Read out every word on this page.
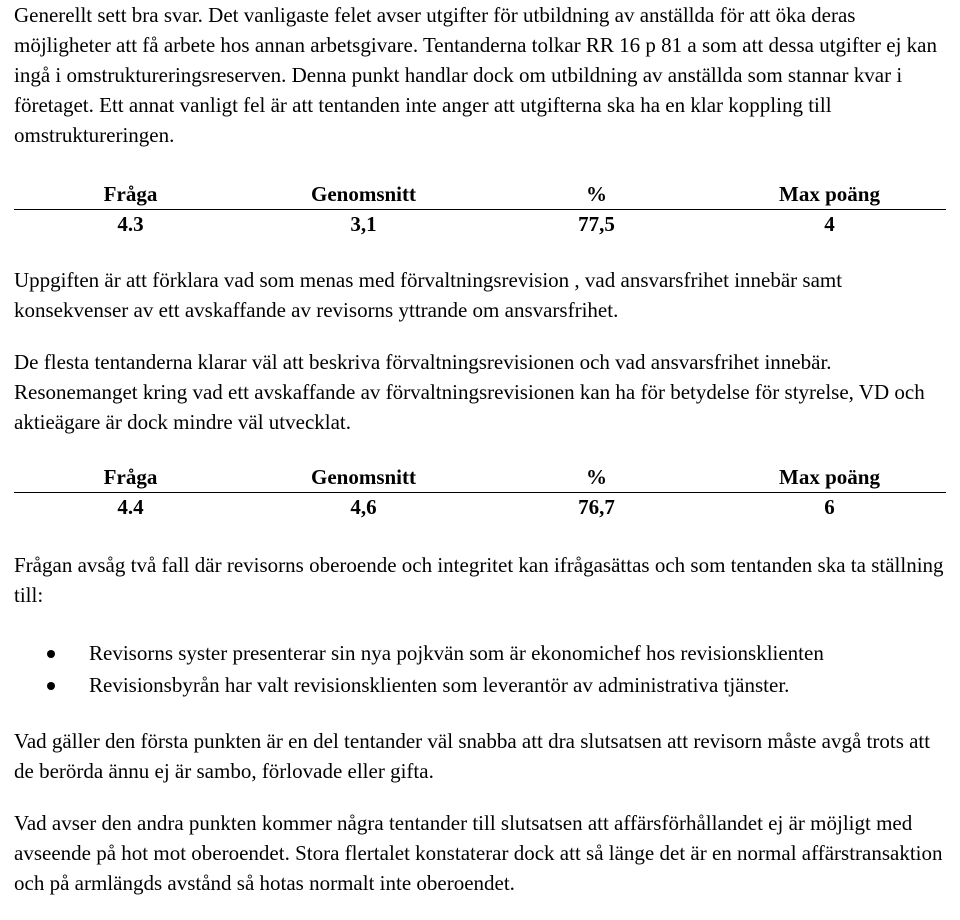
Generellt sett bra svar. Det vanligaste felet avser utgifter för utbildning av anställda för att öka deras möjligheter att få arbete hos annan arbetsgivare. Tentanderna tolkar RR 16 p 81 a som att dessa utgifter ej kan ingå i omstruktureringsreserven. Denna punkt handlar dock om utbildning av anställda som stannar kvar i företaget. Ett annat vanligt fel är att tentanden inte anger att utgifterna ska ha en klar koppling till omstruktureringen.

Fråga	Genomsnitt	%	Max poäng
4.3	3,1	77,5	4

Uppgiften är att förklara vad som menas med förvaltningsrevision , vad ansvarsfrihet innebär samt konsekvenser av ett avskaffande av revisorns yttrande om ansvarsfrihet.

De flesta tentanderna klarar väl att beskriva förvaltningsrevisionen och vad ansvarsfrihet innebär. Resonemanget kring vad ett avskaffande av förvaltningsrevisionen kan ha för betydelse för styrelse, VD och aktieägare är dock mindre väl utvecklat.

Fråga	Genomsnitt	%	Max poäng
4.4	4,6	76,7	6

Frågan avsåg två fall där revisorns oberoende och integritet kan ifrågasättas och som tentanden ska ta ställning till:

Revisorns syster presenterar sin nya pojkvän som är ekonomichef hos revisionsklienten
Revisionsbyrån har valt revisionsklienten som leverantör av administrativa tjänster.

Vad gäller den första punkten är en del tentander väl snabba att dra slutsatsen att revisorn måste avgå trots att de berörda ännu ej är sambo, förlovade eller gifta.

Vad avser den andra punkten kommer några tentander till slutsatsen att affärsförhållandet ej är möjligt med avseende på hot mot oberoendet. Stora flertalet konstaterar dock att så länge det är en normal affärstransaktion och på armlängds avstånd så hotas normalt inte oberoendet.
